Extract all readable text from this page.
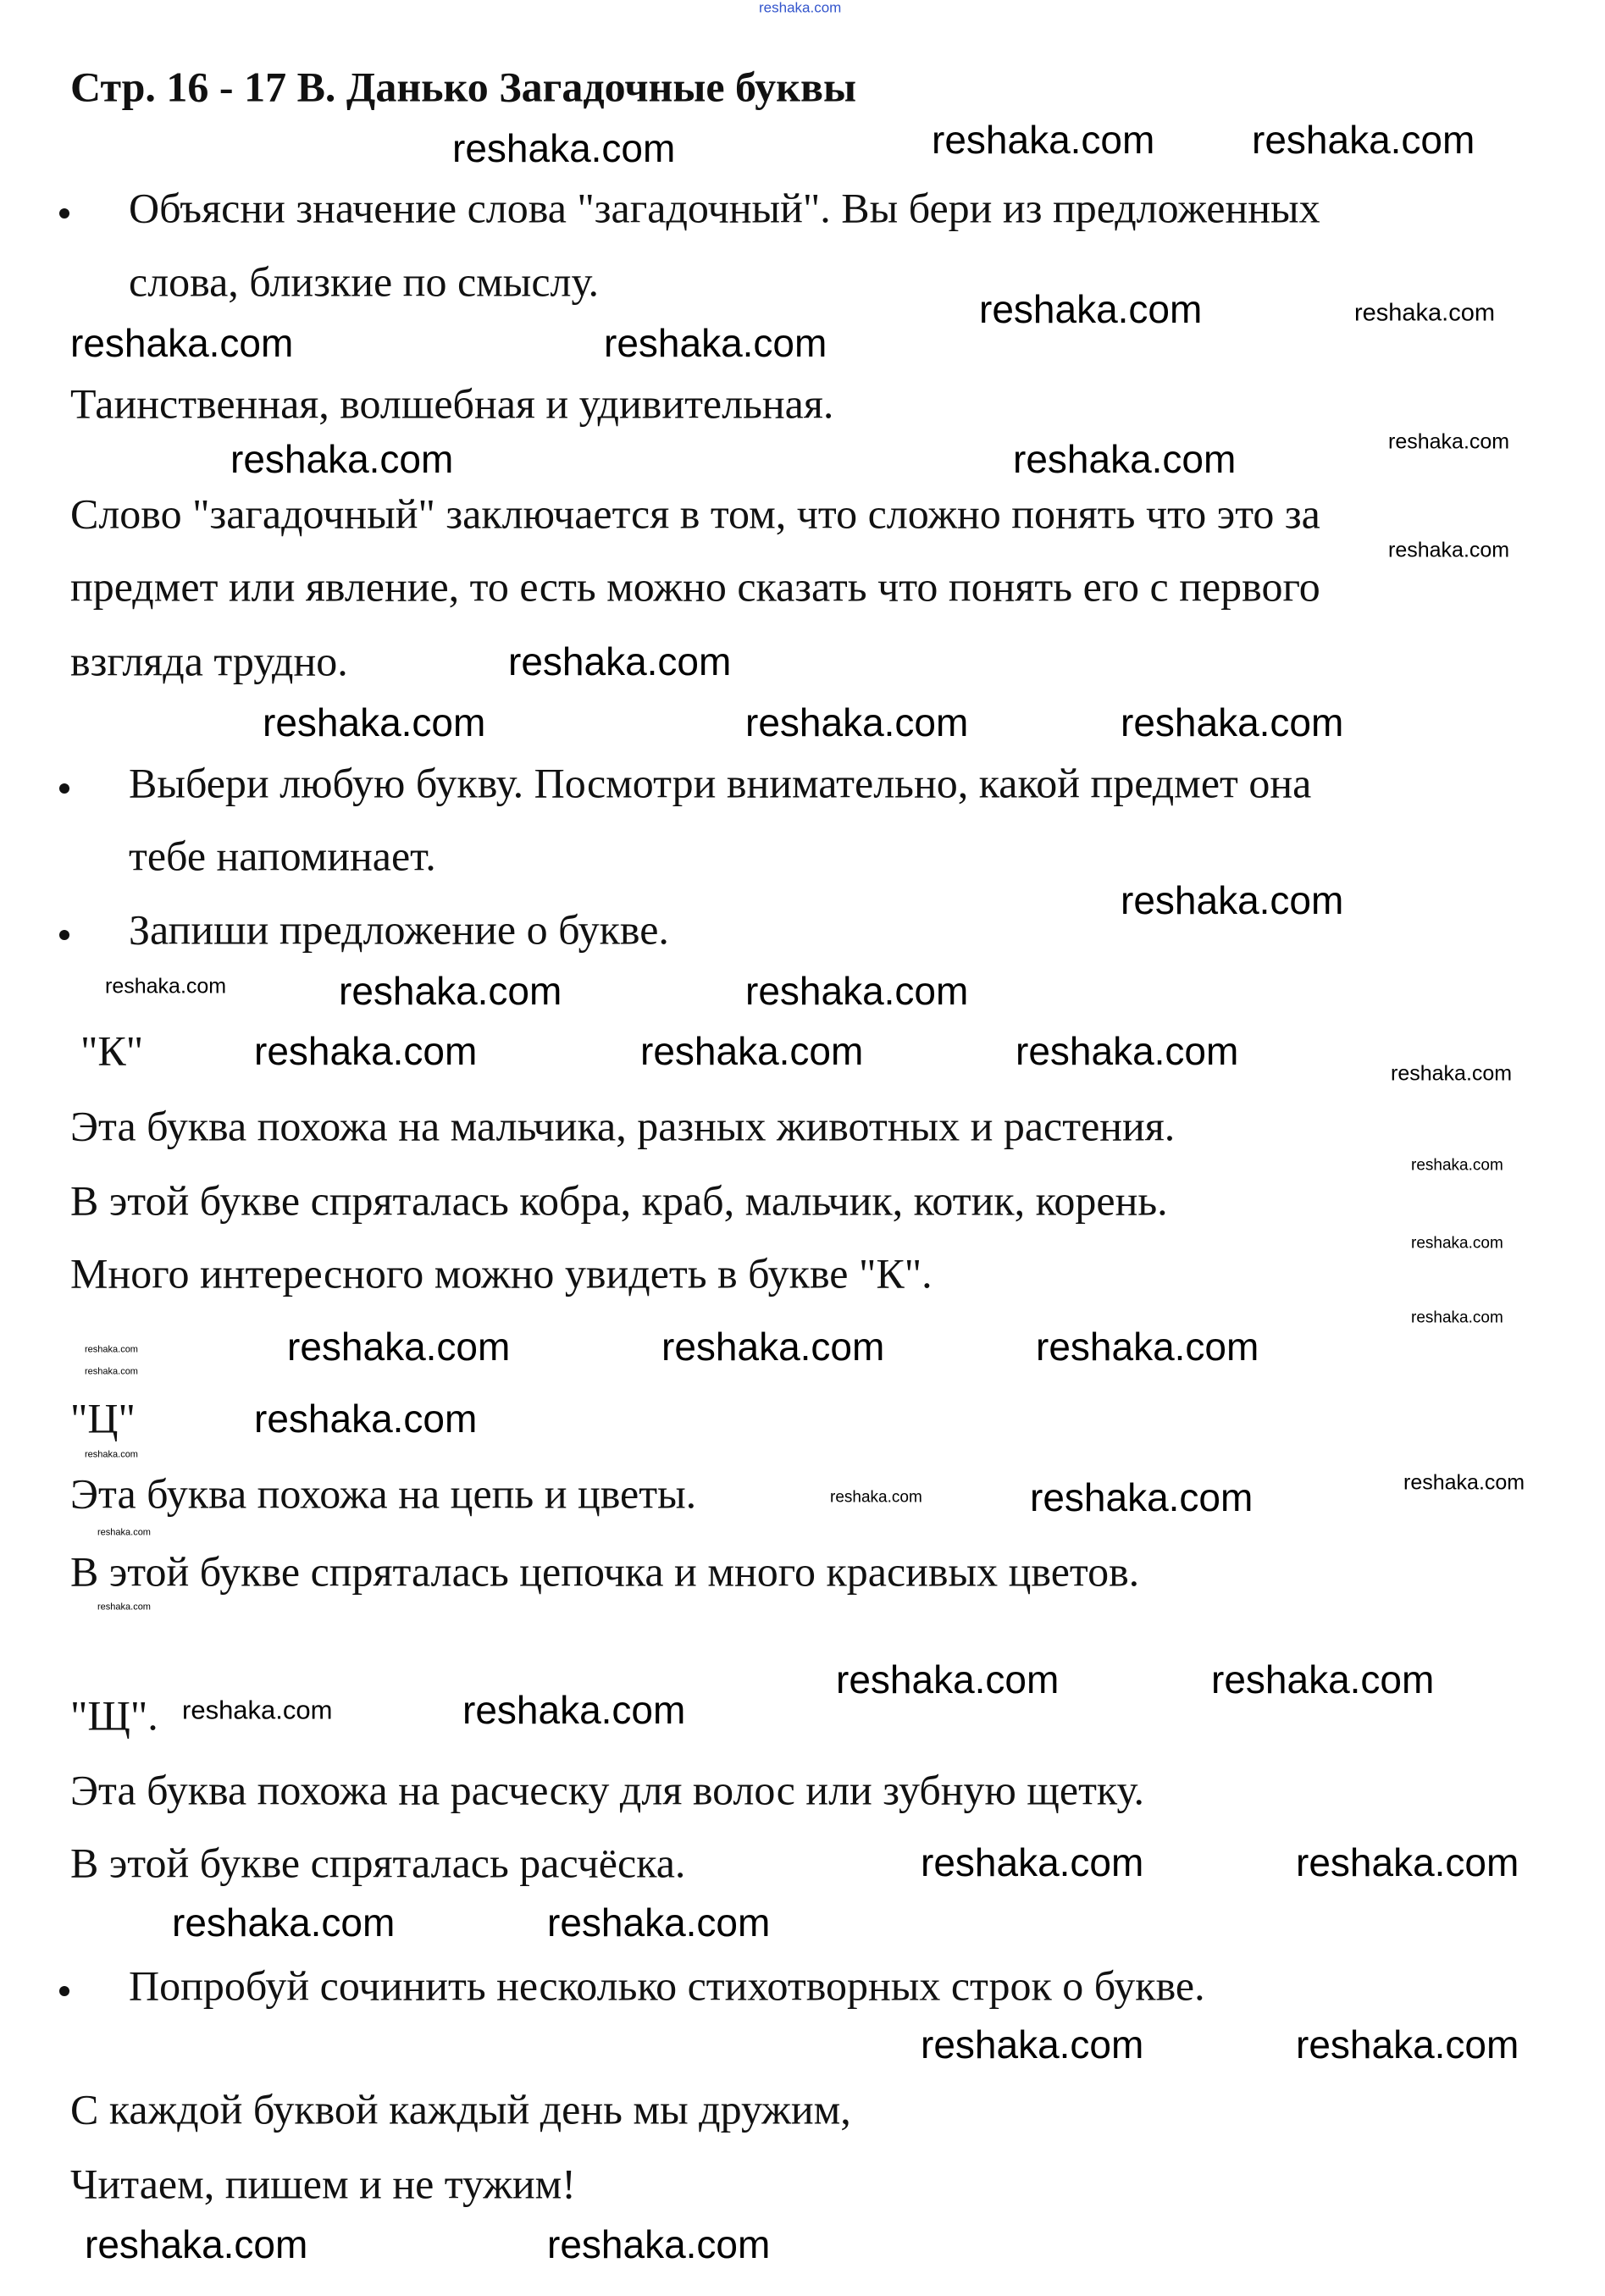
Стр. 16 - 17 В. Данько Загадочные буквы
Объясни значение слова "загадочный". Вы бери из предложенных
слова, близкие по смыслу.
Таинственная, волшебная и удивительная.
Слово "загадочный" заключается в том, что сложно понять что это за
предмет или явление, то есть можно сказать что понять его с первого
взгляда трудно.
Выбери любую букву. Посмотри внимательно, какой предмет она
тебе напоминает.
Запиши предложение о букве.
"К"
Эта буква похожа на мальчика, разных животных и растения.
В этой букве спряталась кобра, краб, мальчик, котик, корень.
Много интересного можно увидеть в букве "К".
"Ц"
Эта буква похожа на цепь и цветы.
В этой букве спряталась цепочка и много красивых цветов.
"Щ".
Эта буква похожа на расческу для волос или зубную щетку.
В этой букве спряталась расчёска.
Попробуй сочинить несколько стихотворных строк о букве.
С каждой буквой каждый день мы дружим,
Читаем, пишем и не тужим!
reshaka.com
reshaka.com reshaka.com
reshaka.com
reshaka.com
reshaka.com
reshaka.com
reshaka.com	reshaka.com
reshaka.com
reshaka.com	reshaka.com	reshaka.com
reshaka.com	reshaka.com
reshaka.com
reshaka.com	reshaka.com
reshaka.com
reshaka.com	reshaka.com
reshaka.com
reshaka.com
reshaka.com
reshaka.com	reshaka.com
reshaka.com
reshaka.com	reshaka.com
reshaka.com	reshaka.com
reshaka.com	reshaka.com
reshaka.com	reshaka.com
reshaka.com
reshaka.com
reshaka.com
reshaka.com
reshaka.com
reshaka.com
reshaka.com
reshaka.com
reshaka.com
reshaka.com
reshaka.com
reshaka.com
reshaka.com
reshaka.com
reshaka.com
reshaka.com
